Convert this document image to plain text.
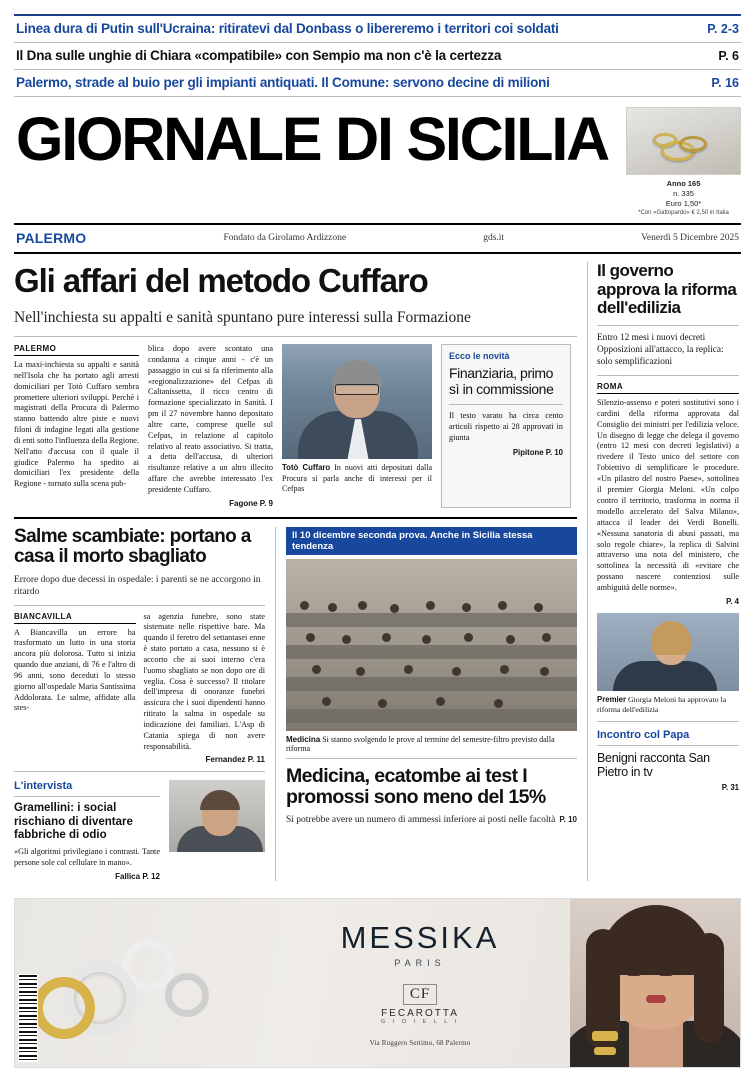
Linea dura di Putin sull'Ucraina: ritiratevi dal Donbass o libereremo i territori coi soldati	P. 2-3
Il Dna sulle unghie di Chiara «compatibile» con Sempio ma non c'è la certezza	P. 6
Palermo, strade al buio per gli impianti antiquati. Il Comune: servono decine di milioni	P. 16
GIORNALE DI SICILIA
Anno 165
n. 335
Euro 1,50*
*Con «Gattopardo» € 2,50 in Italia
PALERMO	Fondato da Girolamo Ardizzone	gds.it	Venerdì 5 Dicembre 2025
Gli affari del metodo Cuffaro
Nell'inchiesta su appalti e sanità spuntano pure interessi sulla Formazione
PALERMO
La maxi-inchiesta su appalti e sanità nell'Isola che ha portato agli arresti domiciliari per Totò Cuffaro sembra promettere ulteriori sviluppi. Perché i magistrati della Procura di Palermo stanno battendo altre piste e nuovi filoni di indagine legati alla gestione di enti sotto l'influenza della Regione. Nell'atto d'accusa con il quale il giudice Palermo ha spedito ai domiciliari l'ex presidente della Regione - tornato sulla scena pub-
blica dopo avere scontato una condanna a cinque anni - c'è un passaggio in cui si fa riferimento alla «regionalizzazione» del Cefpas di Caltanissetta, il ricco centro di formazione specializzato in Sanità. I pm il 27 novembre hanno depositato altre carte, comprese quelle sul Cefpas, in relazione al capitolo relativo al reato associativo. Si tratta, a detta dell'accusa, di ulteriori risultanze relative a un altro illecito affare che avrebbe interessato l'ex presidente Cuffaro.
Fagone P. 9
Totò Cuffaro In nuovi atti depositati dalla Procura si parla anche di interessi per il Cefpas
Ecco le novità
Finanziaria, primo sì in commissione
Il testo varato ha circa cento articoli rispetto ai 28 approvati in giunta
Pipitone P. 10
Salme scambiate: portano a casa il morto sbagliato
Errore dopo due decessi in ospedale: i parenti se ne accorgono in ritardo
BIANCAVILLA
A Biancavilla un errore ha trasformato un lutto in una storia ancora più dolorosa. Tutto si inizia quando due anziani, di 76 e l'altro di 96 anni, sono deceduti lo stesso giorno all'ospedale Maria Santissima Addolorata. Le salme, affidate alla stes-
sa agenzia funebre, sono state sistemate nelle rispettive bare. Ma quando il feretro del settantasei enne è stato portato a casa, nessuno si è accorto che ai suoi interno c'era l'uomo sbagliato se non dopo ore di veglia. Cosa è successo? Il titolare dell'impresa di onoranze funebri assicura che i suoi dipendenti hanno ritirato la salma in ospedale su indicazione dei familiari. L'Asp di Catania spiega di non avere responsabilità.
Fernandez P. 11
L'intervista
Gramellini: i social rischiano di diventare fabbriche di odio
«Gli algoritmi privilegiano i contrasti. Tante persone sole col cellulare in mano».
Fallica P. 12
Il 10 dicembre seconda prova. Anche in Sicilia stessa tendenza
Medicina Si stanno svolgendo le prove al termine del semestre-filtro previsto dalla riforma
Medicina, ecatombe ai test I promossi sono meno del 15%
Si potrebbe avere un numero di ammessi inferiore ai posti nelle facoltà P. 10
Il governo approva la riforma dell'edilizia
Entro 12 mesi i nuovi decreti Opposizioni all'attacco, la replica: solo semplificazioni
ROMA
Silenzio-assenso e poteri sostitutivi sono i cardini della riforma approvata dal Consiglio dei ministri per l'edilizia veloce. Un disegno di legge che delega il governo (entro 12 mesi con decreti legislativi) a rivedere il Testo unico del settore con l'obiettivo di semplificare le procedure. «Un pilastro del nostro Paese», sottolinea il premier Giorgia Meloni. «Un colpo contro il territorio, trasforma in norma il modello accelerato del Salva Milano», attacca il leader dei Verdi Bonelli. «Nessuna sanatoria di abusi passati, ma solo regole chiare», la replica di Salvini attraverso una nota del ministero, che sottolinea la necessità di «evitare che possano nascere contenziosi sulle ambiguità delle norme».
P. 4
Premier Giorgia Meloni ha approvato la riforma dell'edilizia
Incontro col Papa
Benigni racconta San Pietro in tv
P. 31
MESSIKA
PARIS
CF
FECAROTTA
G I O I E L L I
Via Ruggero Settimo, 68 Palermo
